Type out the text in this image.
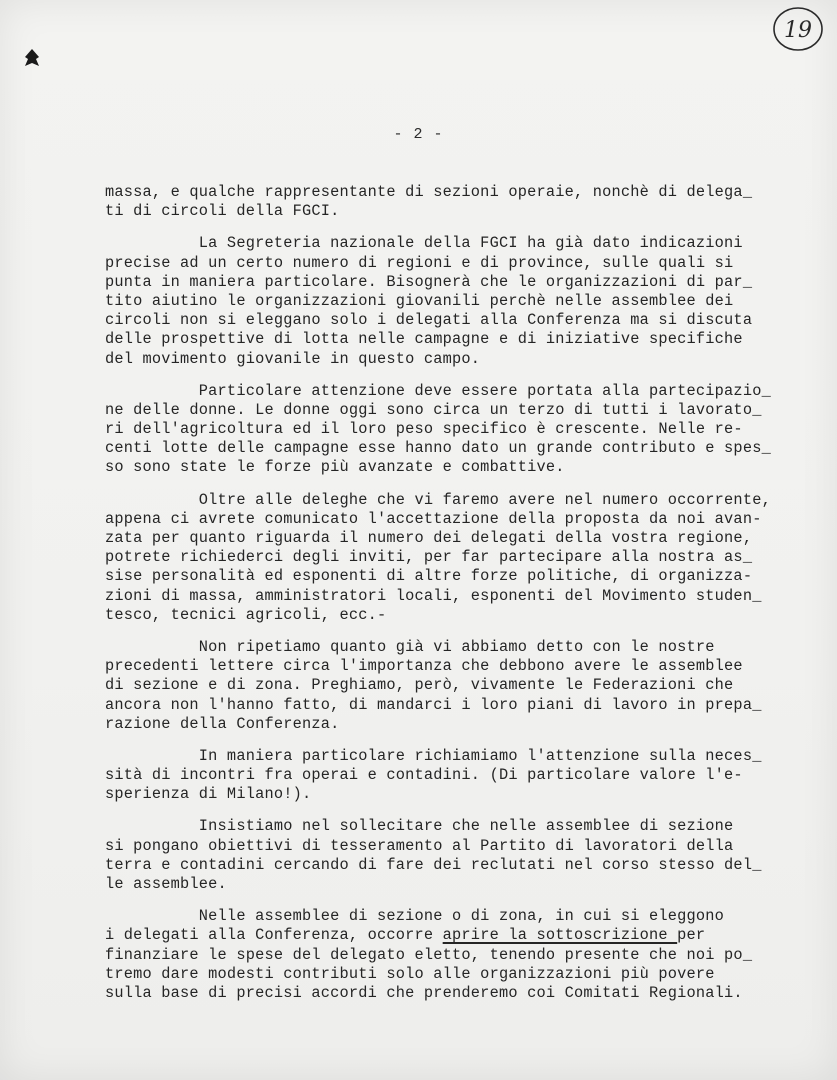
19
- 2 -
massa, e qualche rappresentante di sezioni operaie, nonchè di delega_
ti di circoli della FGCI.
La Segreteria nazionale della FGCI ha già dato indicazioni
precise ad un certo numero di regioni e di province, sulle quali si
punta in maniera particolare. Bisognerà che le organizzazioni di par_
tito aiutino le organizzazioni giovanili perchè nelle assemblee dei
circoli non si eleggano solo i delegati alla Conferenza ma si discuta
delle prospettive di lotta nelle campagne e di iniziative specifiche
del movimento giovanile in questo campo.
Particolare attenzione deve essere portata alla partecipazio_
ne delle donne. Le donne oggi sono circa un terzo di tutti i lavorato_
ri dell'agricoltura ed il loro peso specifico è crescente. Nelle re-
centi lotte delle campagne esse hanno dato un grande contributo e spes_
so sono state le forze più avanzate e combattive.
Oltre alle deleghe che vi faremo avere nel numero occorrente,
appena ci avrete comunicato l'accettazione della proposta da noi avan-
zata per quanto riguarda il numero dei delegati della vostra regione,
potrete richiederci degli inviti, per far partecipare alla nostra as_
sise personalità ed esponenti di altre forze politiche, di organizza-
zioni di massa, amministratori locali, esponenti del Movimento studen_
tesco, tecnici agricoli, ecc.-
Non ripetiamo quanto già vi abbiamo detto con le nostre
precedenti lettere circa l'importanza che debbono avere le assemblee
di sezione e di zona. Preghiamo, però, vivamente le Federazioni che
ancora non l'hanno fatto, di mandarci i loro piani di lavoro in prepa_
razione della Conferenza.
In maniera particolare richiamiamo l'attenzione sulla neces_
sità di incontri fra operai e contadini. (Di particolare valore l'e-
sperienza di Milano!).
Insistiamo nel sollecitare che nelle assemblee di sezione
si pongano obiettivi di tesseramento al Partito di lavoratori della
terra e contadini cercando di fare dei reclutati nel corso stesso del_
le assemblee.
Nelle assemblee di sezione o di zona, in cui si eleggono
i delegati alla Conferenza, occorre aprire la sottoscrizione per
finanziare le spese del delegato eletto, tenendo presente che noi po_
tremo dare modesti contributi solo alle organizzazioni più povere
sulla base di precisi accordi che prenderemo coi Comitati Regionali.
